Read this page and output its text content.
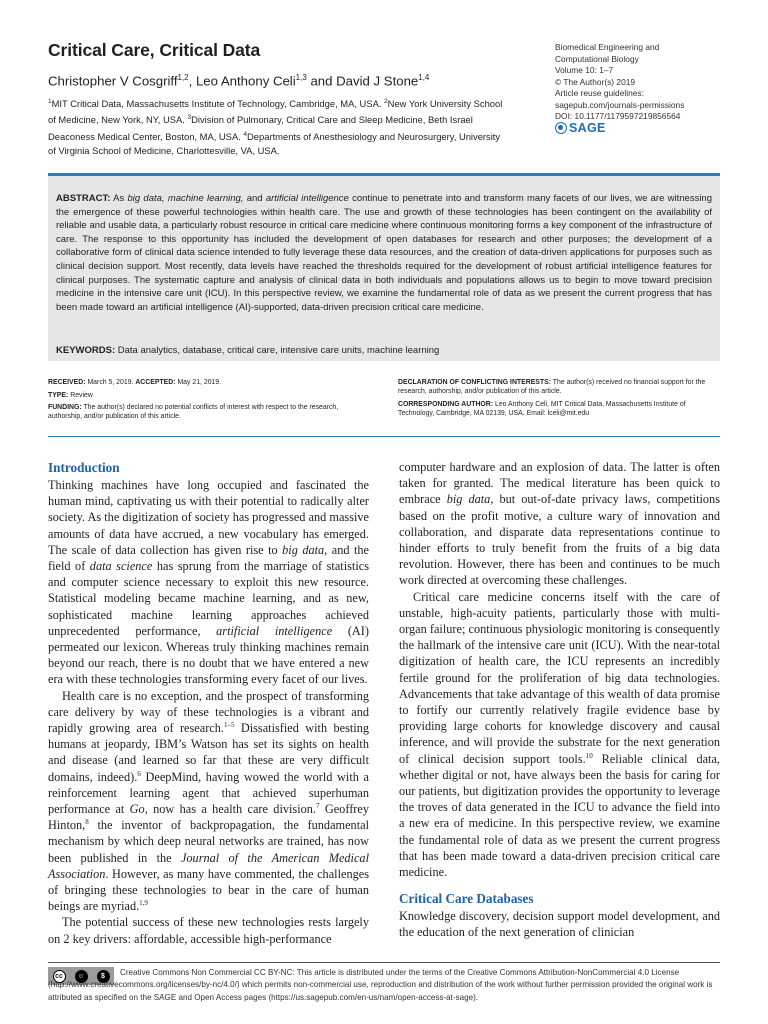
Critical Care, Critical Data
Christopher V Cosgriff$^{1,2}$, Leo Anthony Celi$^{1,3}$ and David J Stone$^{1,4}$
$^1$MIT Critical Data, Massachusetts Institute of Technology, Cambridge, MA, USA. $^2$New York University School of Medicine, New York, NY, USA. $^3$Division of Pulmonary, Critical Care and Sleep Medicine, Beth Israel Deaconess Medical Center, Boston, MA, USA. $^4$Departments of Anesthesiology and Neurosurgery, University of Virginia School of Medicine, Charlottesville, VA, USA.
Biomedical Engineering and
Computational Biology
Volume 10: 1–7
© The Author(s) 2019
Article reuse guidelines:
sagepub.com/journals-permissions
DOI: 10.1177/1179597219856564
SAGE
ABSTRACT: As big data, machine learning, and artificial intelligence continue to penetrate into and transform many facets of our lives, we are witnessing the emergence of these powerful technologies within health care. The use and growth of these technologies has been contingent on the availability of reliable and usable data, a particularly robust resource in critical care medicine where continuous monitoring forms a key component of the infrastructure of care. The response to this opportunity has included the development of open databases for research and other purposes; the development of a collaborative form of clinical data science intended to fully leverage these data resources, and the creation of data-driven applications for purposes such as clinical decision support. Most recently, data levels have reached the thresholds required for the development of robust artificial intelligence features for clinical purposes. The systematic capture and analysis of clinical data in both individuals and populations allows us to begin to move toward precision medicine in the intensive care unit (ICU). In this perspective review, we examine the fundamental role of data as we present the current progress that has been made toward an artificial intelligence (AI)-supported, data-driven precision critical care medicine.
KEYWORDS: Data analytics, database, critical care, intensive care units, machine learning

RECEIVED: March 5, 2019. ACCEPTED: May 21, 2019.

TYPE: Review

FUNDING: The author(s) declared no potential conflicts of interest with respect to the research, authorship, and/or publication of this article.

DECLARATION OF CONFLICTING INTERESTS: The author(s) received no financial support for the research, authorship, and/or publication of this article.

CORRESPONDING AUTHOR: Leo Anthony Celi, MIT Critical Data, Massachusetts Institute of Technology, Cambridge, MA 02139, USA. Email: lceli@mit.edu

Introduction

Thinking machines have long occupied and fascinated the human mind, captivating us with their potential to radically alter society. As the digitization of society has progressed and massive amounts of data have accrued, a new vocabulary has emerged. The scale of data collection has given rise to big data, and the field of data science has sprung from the marriage of statistics and computer science necessary to exploit this new resource. Statistical modeling became machine learning, and as new, sophisticated machine learning approaches achieved unprecedented performance, artificial intelligence (AI) permeated our lexicon. Whereas truly thinking machines remain beyond our reach, there is no doubt that we have entered a new era with these technologies transforming every facet of our lives.

Health care is no exception, and the prospect of transforming care delivery by way of these technologies is a vibrant and rapidly growing area of research.$^{1-5}$ Dissatisfied with besting humans at jeopardy, IBM’s Watson has set its sights on health and disease (and learned so far that these are very difficult domains, indeed).$^6$ DeepMind, having wowed the world with a reinforcement learning agent that achieved superhuman performance at Go, now has a health care division.$^7$ Geoffrey Hinton,$^8$ the inventor of backpropagation, the fundamental mechanism by which deep neural networks are trained, has now been published in the Journal of the American Medical Association. However, as many have commented, the challenges of bringing these technologies to bear in the care of human beings are myriad.$^{1,9}$

The potential success of these new technologies rests largely on 2 key drivers: affordable, accessible high-performance

computer hardware and an explosion of data. The latter is often taken for granted. The medical literature has been quick to embrace big data, but out-of-date privacy laws, competitions based on the profit motive, a culture wary of innovation and collaboration, and disparate data representations continue to hinder efforts to truly benefit from the fruits of a big data revolution. However, there has been and continues to be much work directed at overcoming these challenges.

Critical care medicine concerns itself with the care of unstable, high-acuity patients, particularly those with multi-organ failure; continuous physiologic monitoring is consequently the hallmark of the intensive care unit (ICU). With the near-total digitization of health care, the ICU represents an incredibly fertile ground for the proliferation of big data technologies. Advancements that take advantage of this wealth of data promise to fortify our currently relatively fragile evidence base by providing large cohorts for knowledge discovery and causal inference, and will provide the substrate for the next generation of clinical decision support tools.$^{10}$ Reliable clinical data, whether digital or not, have always been the basis for caring for our patients, but digitization provides the opportunity to leverage the troves of data generated in the ICU to advance the field into a new era of medicine. In this perspective review, we examine the fundamental role of data as we present the current progress that has been made toward a data-driven precision critical care medicine.

Critical Care Databases

Knowledge discovery, decision support model development, and the education of the next generation of clinician

cc	☺	$	Creative Commons Non Commercial CC BY-NC: This article is distributed under the terms of the Creative Commons Attribution-NonCommercial 4.0 License (http://www.creativecommons.org/licenses/by-nc/4.0/) which permits non-commercial use, reproduction and distribution of the work without further permission provided the original work is attributed as specified on the SAGE and Open Access pages (https://us.sagepub.com/en-us/nam/open-access-at-sage).
